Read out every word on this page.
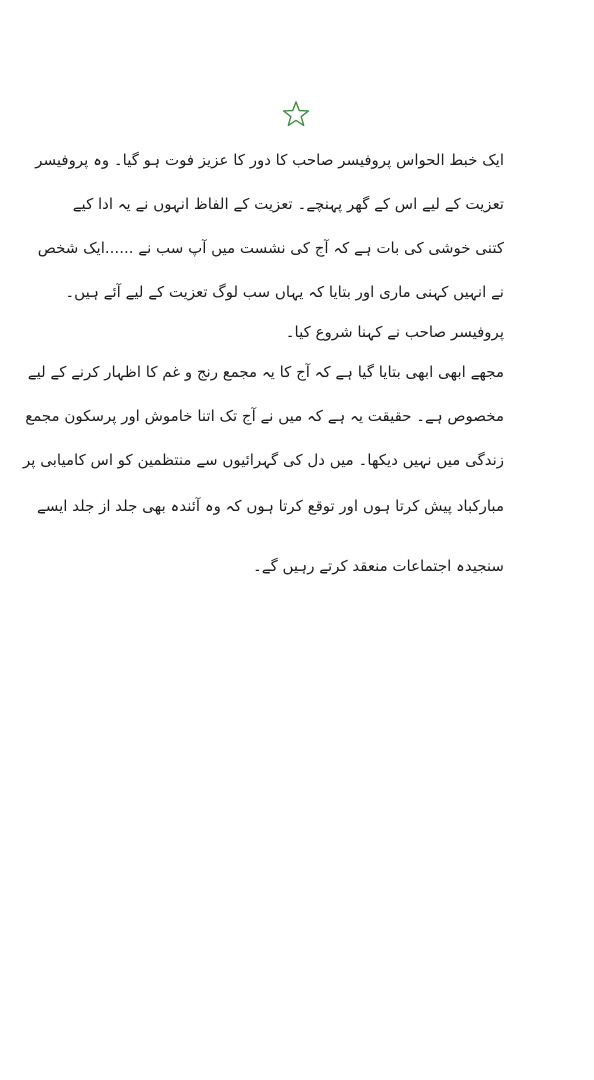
ایک خبط الحواس پروفیسر صاحب کا دور کا عزیز فوت ہو گیا۔ وہ پروفیسر
تعزیت کے لیے اس کے گھر پہنچے۔ تعزیت کے الفاظ انہوں نے یہ ادا کیے
کتنی خوشی کی بات ہے کہ آج کی نشست میں آپ سب نے ......ایک شخص
نے انہیں کہنی ماری اور بتایا کہ یہاں سب لوگ تعزیت کے لیے آئے ہیں۔
پروفیسر صاحب نے کہنا شروع کیا۔
مجھے ابھی ابھی بتایا گیا ہے کہ آج کا یہ مجمع رنج و غم کا اظہار کرنے کے لیے
مخصوص ہے۔ حقیقت یہ ہے کہ میں نے آج تک اتنا خاموش اور پرسکون مجمع
زندگی میں نہیں دیکھا۔ میں دل کی گہرائیوں سے منتظمین کو اس کامیابی پر
مبارکباد پیش کرتا ہوں اور توقع کرتا ہوں کہ وہ آئندہ بھی جلد از جلد ایسے
سنجیدہ اجتماعات منعقد کرتے رہیں گے۔
